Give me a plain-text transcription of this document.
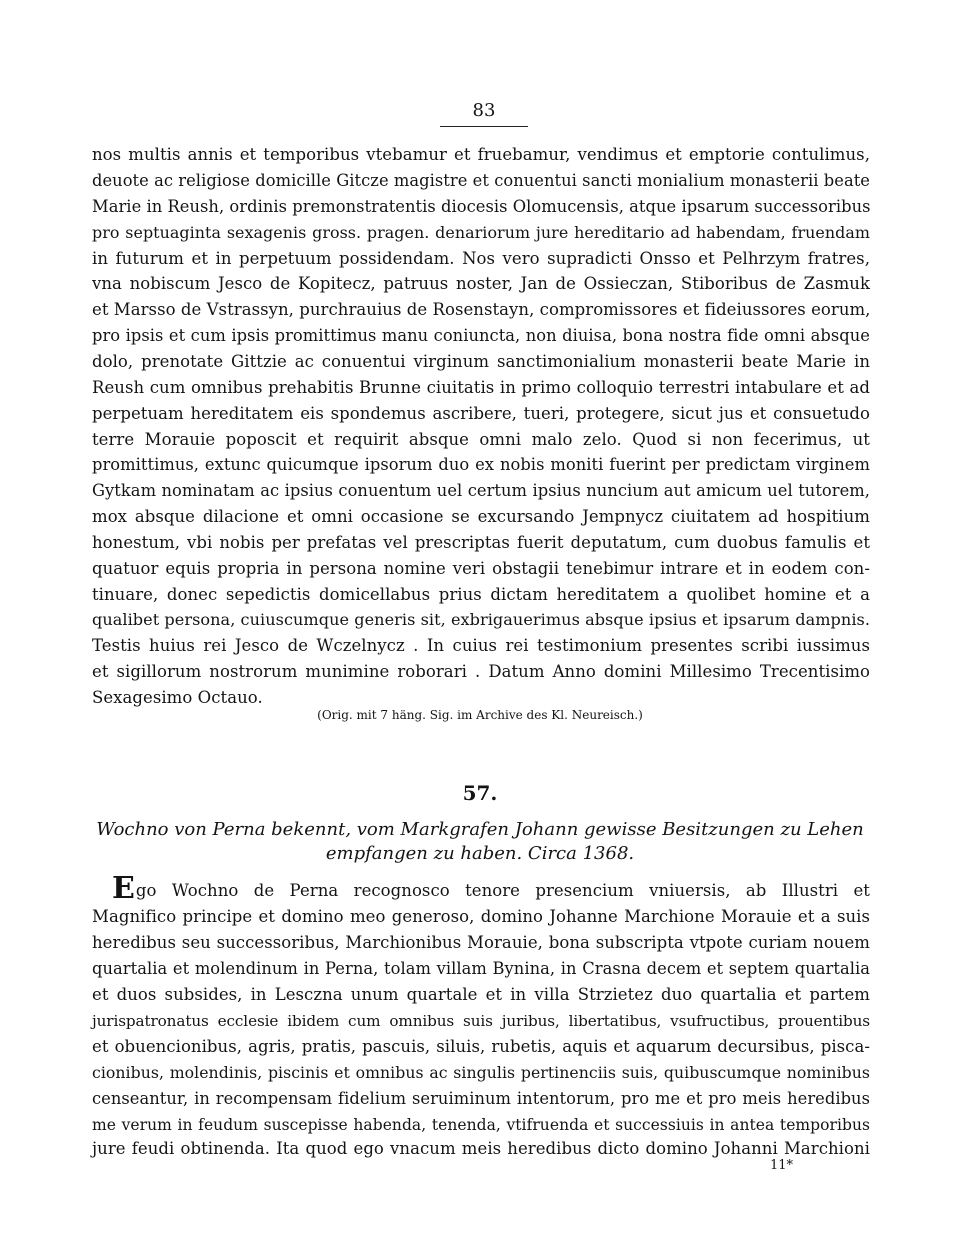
83
nos multis annis et temporibus vtebamur et fruebamur, vendimus et emptorie contulimus,
deuote ac religiose domicille Gitcze magistre et conuentui sancti monialium monasterii beate
Marie in Reush, ordinis premonstratentis diocesis Olomucensis, atque ipsarum successoribus
pro septuaginta sexagenis gross. pragen. denariorum jure hereditario ad habendam, fruendam
in futurum et in perpetuum possidendam. Nos vero supradicti Onsso et Pelhrzym fratres,
vna nobiscum Jesco de Kopitecz, patruus noster, Jan de Ossieczan, Stiboribus de Zasmuk
et Marsso de Vstrassyn, purchrauius de Rosenstayn, compromissores et fideiussores eorum,
pro ipsis et cum ipsis promittimus manu coniuncta, non diuisa, bona nostra fide omni absque
dolo, prenotate Gittzie ac conuentui virginum sanctimonialium monasterii beate Marie in
Reush cum omnibus prehabitis Brunne ciuitatis in primo colloquio terrestri intabulare et ad
perpetuam hereditatem eis spondemus ascribere, tueri, protegere, sicut jus et consuetudo
terre Morauie poposcit et requirit absque omni malo zelo. Quod si non fecerimus, ut
promittimus, extunc quicumque ipsorum duo ex nobis moniti fuerint per predictam virginem
Gytkam nominatam ac ipsius conuentum uel certum ipsius nuncium aut amicum uel tutorem,
mox absque dilacione et omni occasione se excursando Jempnycz ciuitatem ad hospitium
honestum, vbi nobis per prefatas vel prescriptas fuerit deputatum, cum duobus famulis et
quatuor equis propria in persona nomine veri obstagii tenebimur intrare et in eodem con-
tinuare, donec sepedictis domicellabus prius dictam hereditatem a quolibet homine et a
qualibet persona, cuiuscumque generis sit, exbrigauerimus absque ipsius et ipsarum dampnis.
Testis huius rei Jesco de Wczelnycz . In cuius rei testimonium presentes scribi iussimus
et sigillorum nostrorum munimine roborari . Datum Anno domini Millesimo Trecentisimo
Sexagesimo Octauo.
(Orig. mit 7 häng. Sig. im Archive des Kl. Neureisch.)
57.
Wochno von Perna bekennt, vom Markgrafen Johann gewisse Besitzungen zu Lehen
empfangen zu haben. Circa 1368.
Ego Wochno de Perna recognosco tenore presencium vniuersis, ab Illustri et
Magnifico principe et domino meo generoso, domino Johanne Marchione Morauie et a suis
heredibus seu successoribus, Marchionibus Morauie, bona subscripta vtpote curiam nouem
quartalia et molendinum in Perna, tolam villam Bynina, in Crasna decem et septem quartalia
et duos subsides, in Lesczna unum quartale et in villa Strzietez duo quartalia et partem
jurispatronatus ecclesie ibidem cum omnibus suis juribus, libertatibus, vsufructibus, prouentibus
et obuencionibus, agris, pratis, pascuis, siluis, rubetis, aquis et aquarum decursibus, pisca-
cionibus, molendinis, piscinis et omnibus ac singulis pertinenciis suis, quibuscumque nominibus
censeantur, in recompensam fidelium seruiminum intentorum, pro me et pro meis heredibus
me verum in feudum suscepisse habenda, tenenda, vtifruenda et successiuis in antea temporibus
jure feudi obtinenda. Ita quod ego vnacum meis heredibus dicto domino Johanni Marchioni
11*
